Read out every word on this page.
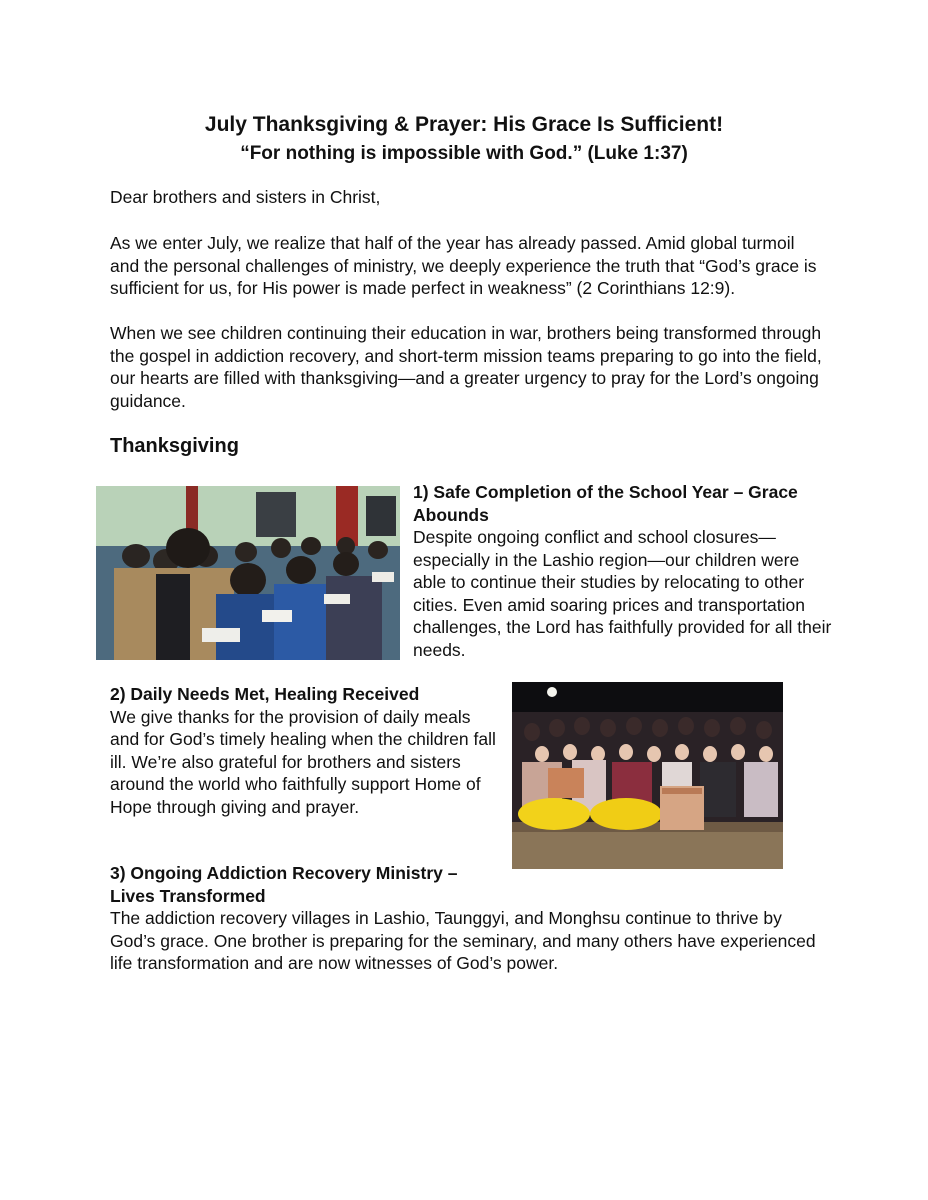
July Thanksgiving & Prayer: His Grace Is Sufficient!
“For nothing is impossible with God.” (Luke 1:37)

Dear brothers and sisters in Christ,

As we enter July, we realize that half of the year has already passed. Amid global turmoil and the personal challenges of ministry, we deeply experience the truth that “God’s grace is sufficient for us, for His power is made perfect in weakness” (2 Corinthians 12:9).

When we see children continuing their education in war, brothers being transformed through the gospel in addiction recovery, and short-term mission teams preparing to go into the field, our hearts are filled with thanksgiving—and a greater urgency to pray for the Lord’s ongoing guidance.

Thanksgiving
1) Safe Completion of the School Year – Grace Abounds
Despite ongoing conflict and school closures—especially in the Lashio region—our children were able to continue their studies by relocating to other cities. Even amid soaring prices and transportation challenges, the Lord has faithfully provided for all their needs.
2) Daily Needs Met, Healing Received
We give thanks for the provision of daily meals and for God’s timely healing when the children fall ill. We’re also grateful for brothers and sisters around the world who faithfully support Home of Hope through giving and prayer.
3) Ongoing Addiction Recovery Ministry – Lives Transformed
The addiction recovery villages in Lashio, Taunggyi, and Monghsu continue to thrive by God’s grace. One brother is preparing for the seminary, and many others have experienced life transformation and are now witnesses of God’s power.
